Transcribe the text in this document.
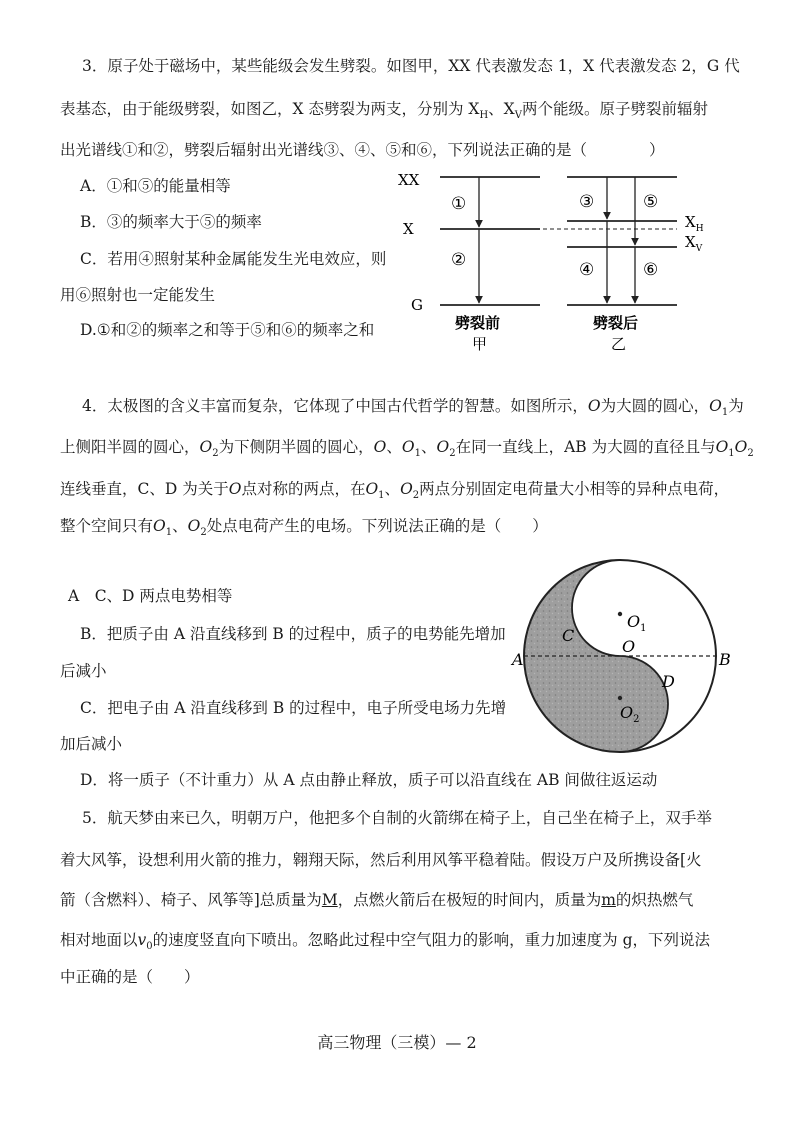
3．原子处于磁场中，某些能级会发生劈裂。如图甲，XX 代表激发态 1，X 代表激发态 2，G 代
表基态，由于能级劈裂，如图乙，X 态劈裂为两支，分别为 $X_H$、$X_V$两个能级。原子劈裂前辐射
出光谱线①和②，劈裂后辐射出光谱线③、④、⑤和⑥，下列说法正确的是（　　　　）
A．①和⑤的能量相等
B．③的频率大于⑤的频率
C．若用④照射某种金属能发生光电效应，则
用⑥照射也一定能发生
D.①和②的频率之和等于⑤和⑥的频率之和
XX
X
G
①
②
③	⑤
④	⑥
$X_H$
$X_V$
劈裂前
甲
劈裂后
乙
4．太极图的含义丰富而复杂，它体现了中国古代哲学的智慧。如图所示，O为大圆的圆心，$O_1$为
上侧阳半圆的圆心，$O_2$为下侧阴半圆的圆心，O、$O_1$、$O_2$在同一直线上，AB 为大圆的直径且与$O_1O_2$
连线垂直，C、D 为关于O点对称的两点，在$O_1$、$O_2$两点分别固定电荷量大小相等的异种点电荷，
整个空间只有$O_1$、$O_2$处点电荷产生的电场。下列说法正确的是（　　）
A　C、D 两点电势相等
B．把质子由 A 沿直线移到 B 的过程中，质子的电势能先增加
后减小
C．把电子由 A 沿直线移到 B 的过程中，电子所受电场力先增
加后减小
D．将一质子（不计重力）从 A 点由静止释放，质子可以沿直线在 AB 间做往返运动
A	B
C
D
O
$O_1$
$O_2$
5．航天梦由来已久，明朝万户，他把多个自制的火箭绑在椅子上，自己坐在椅子上，双手举
着大风筝，设想利用火箭的推力，翱翔天际，然后利用风筝平稳着陆。假设万户及所携设备[火
箭（含燃料）、椅子、风筝等]总质量为M，点燃火箭后在极短的时间内，质量为m的炽热燃气
相对地面以$v_0$的速度竖直向下喷出。忽略此过程中空气阻力的影响，重力加速度为 g，下列说法
中正确的是（　　）
高三物理（三模）— 2
